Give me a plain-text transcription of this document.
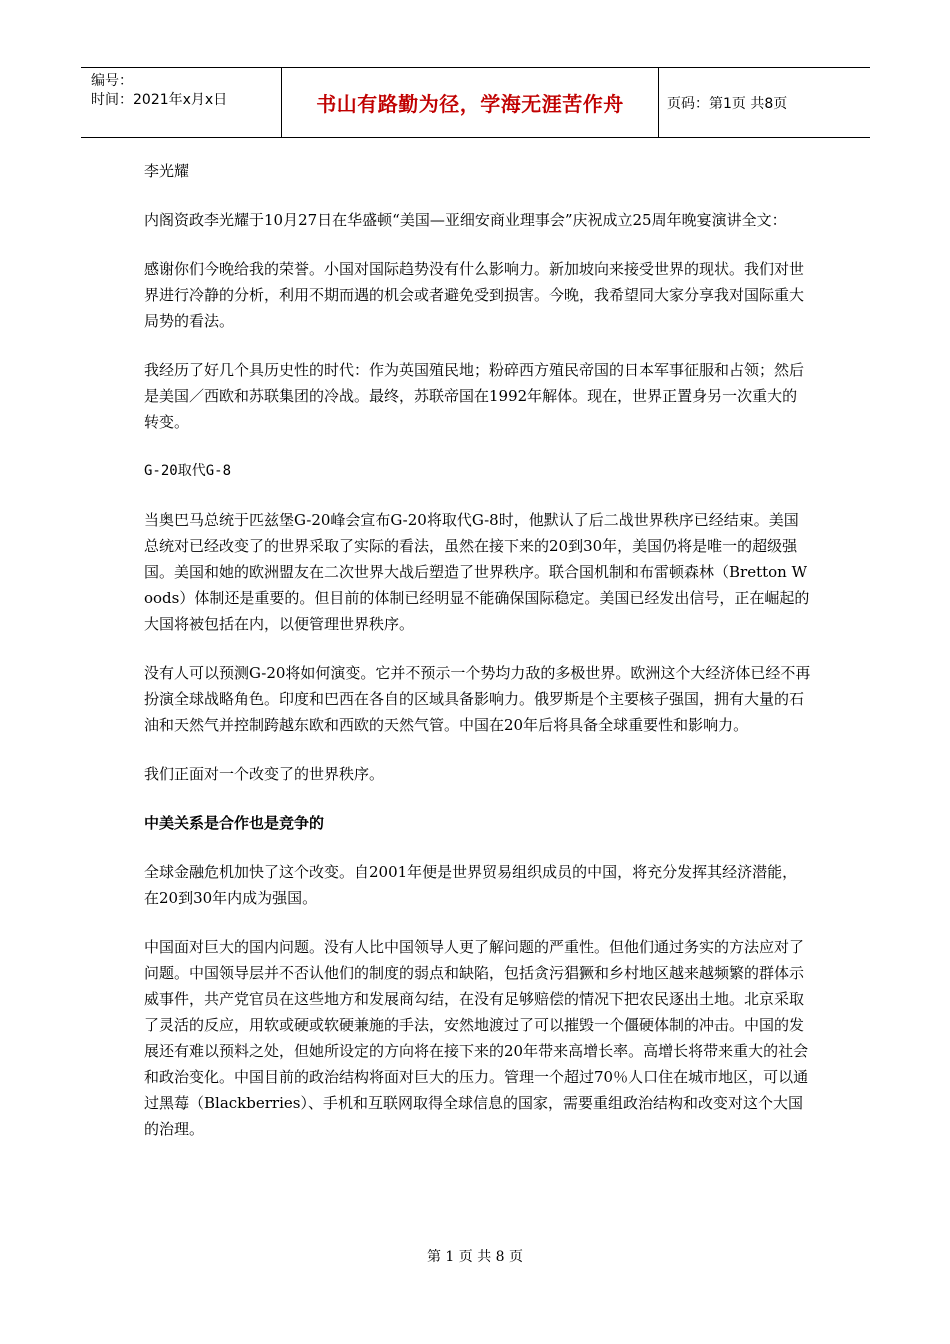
编号：
时间：2021年x月x日	书山有路勤为径，学海无涯苦作舟	页码：第1页 共8页

李光耀

内阁资政李光耀于10月27日在华盛顿“美国—亚细安商业理事会”庆祝成立25周年晚宴演讲全文：

感谢你们今晚给我的荣誉。小国对国际趋势没有什么影响力。新加坡向来接受世界的现状。我们对世界进行冷静的分析，利用不期而遇的机会或者避免受到损害。今晚，我希望同大家分享我对国际重大局势的看法。

我经历了好几个具历史性的时代：作为英国殖民地；粉碎西方殖民帝国的日本军事征服和占领；然后是美国／西欧和苏联集团的冷战。最终，苏联帝国在1992年解体。现在，世界正置身另一次重大的转变。

G-20取代G-8

当奥巴马总统于匹兹堡G-20峰会宣布G-20将取代G-8时，他默认了后二战世界秩序已经结束。美国总统对已经改变了的世界采取了实际的看法，虽然在接下来的20到30年，美国仍将是唯一的超级强国。美国和她的欧洲盟友在二次世界大战后塑造了世界秩序。联合国机制和布雷顿森林（Bretton Woods）体制还是重要的。但目前的体制已经明显不能确保国际稳定。美国已经发出信号，正在崛起的大国将被包括在内，以便管理世界秩序。

没有人可以预测G-20将如何演变。它并不预示一个势均力敌的多极世界。欧洲这个大经济体已经不再扮演全球战略角色。印度和巴西在各自的区域具备影响力。俄罗斯是个主要核子强国，拥有大量的石油和天然气并控制跨越东欧和西欧的天然气管。中国在20年后将具备全球重要性和影响力。

我们正面对一个改变了的世界秩序。

中美关系是合作也是竞争的

全球金融危机加快了这个改变。自2001年便是世界贸易组织成员的中国，将充分发挥其经济潜能，在20到30年内成为强国。

中国面对巨大的国内问题。没有人比中国领导人更了解问题的严重性。但他们通过务实的方法应对了问题。中国领导层并不否认他们的制度的弱点和缺陷，包括贪污猖獗和乡村地区越来越频繁的群体示威事件，共产党官员在这些地方和发展商勾结，在没有足够赔偿的情况下把农民逐出土地。北京采取了灵活的反应，用软或硬或软硬兼施的手法，安然地渡过了可以摧毁一个僵硬体制的冲击。中国的发展还有难以预料之处，但她所设定的方向将在接下来的20年带来高增长率。高增长将带来重大的社会和政治变化。中国目前的政治结构将面对巨大的压力。管理一个超过70％人口住在城市地区，可以通过黑莓（Blackberries）、手机和互联网取得全球信息的国家，需要重组政治结构和改变对这个大国的治理。

第 1 页 共 8 页
